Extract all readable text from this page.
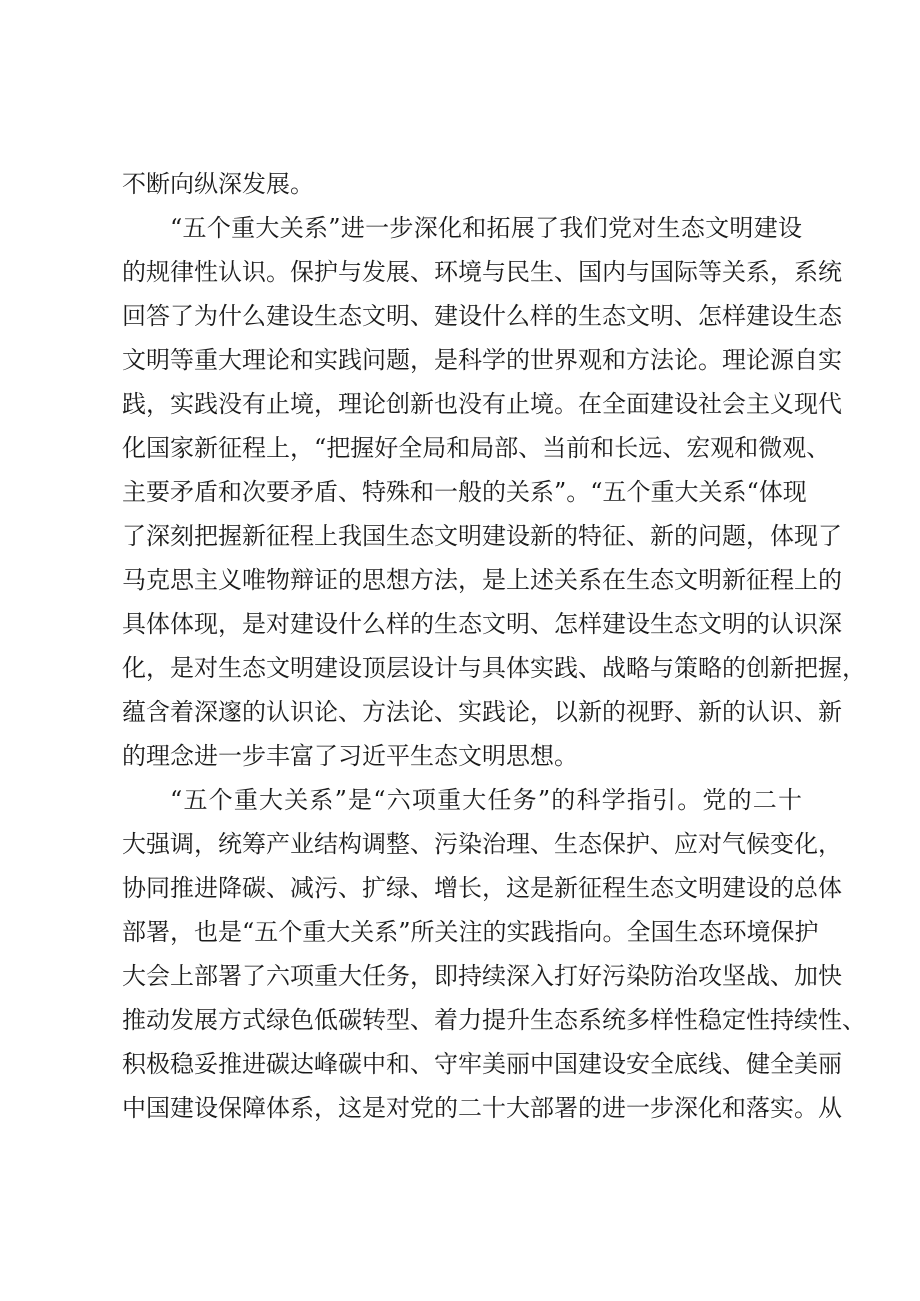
不断向纵深发展。
“五个重大关系”进一步深化和拓展了我们党对生态文明建设
的规律性认识。保护与发展、环境与民生、国内与国际等关系，系统
回答了为什么建设生态文明、建设什么样的生态文明、怎样建设生态
文明等重大理论和实践问题，是科学的世界观和方法论。理论源自实
践，实践没有止境，理论创新也没有止境。在全面建设社会主义现代
化国家新征程上，“把握好全局和局部、当前和长远、宏观和微观、
主要矛盾和次要矛盾、特殊和一般的关系”。“五个重大关系“体现
了深刻把握新征程上我国生态文明建设新的特征、新的问题，体现了
马克思主义唯物辩证的思想方法，是上述关系在生态文明新征程上的
具体体现，是对建设什么样的生态文明、怎样建设生态文明的认识深
化，是对生态文明建设顶层设计与具体实践、战略与策略的创新把握，
蕴含着深邃的认识论、方法论、实践论，以新的视野、新的认识、新
的理念进一步丰富了习近平生态文明思想。
“五个重大关系”是“六项重大任务”的科学指引。党的二十
大强调，统筹产业结构调整、污染治理、生态保护、应对气候变化，
协同推进降碳、减污、扩绿、增长，这是新征程生态文明建设的总体
部署，也是“五个重大关系”所关注的实践指向。全国生态环境保护
大会上部署了六项重大任务，即持续深入打好污染防治攻坚战、加快
推动发展方式绿色低碳转型、着力提升生态系统多样性稳定性持续性、
积极稳妥推进碳达峰碳中和、守牢美丽中国建设安全底线、健全美丽
中国建设保障体系，这是对党的二十大部署的进一步深化和落实。从
